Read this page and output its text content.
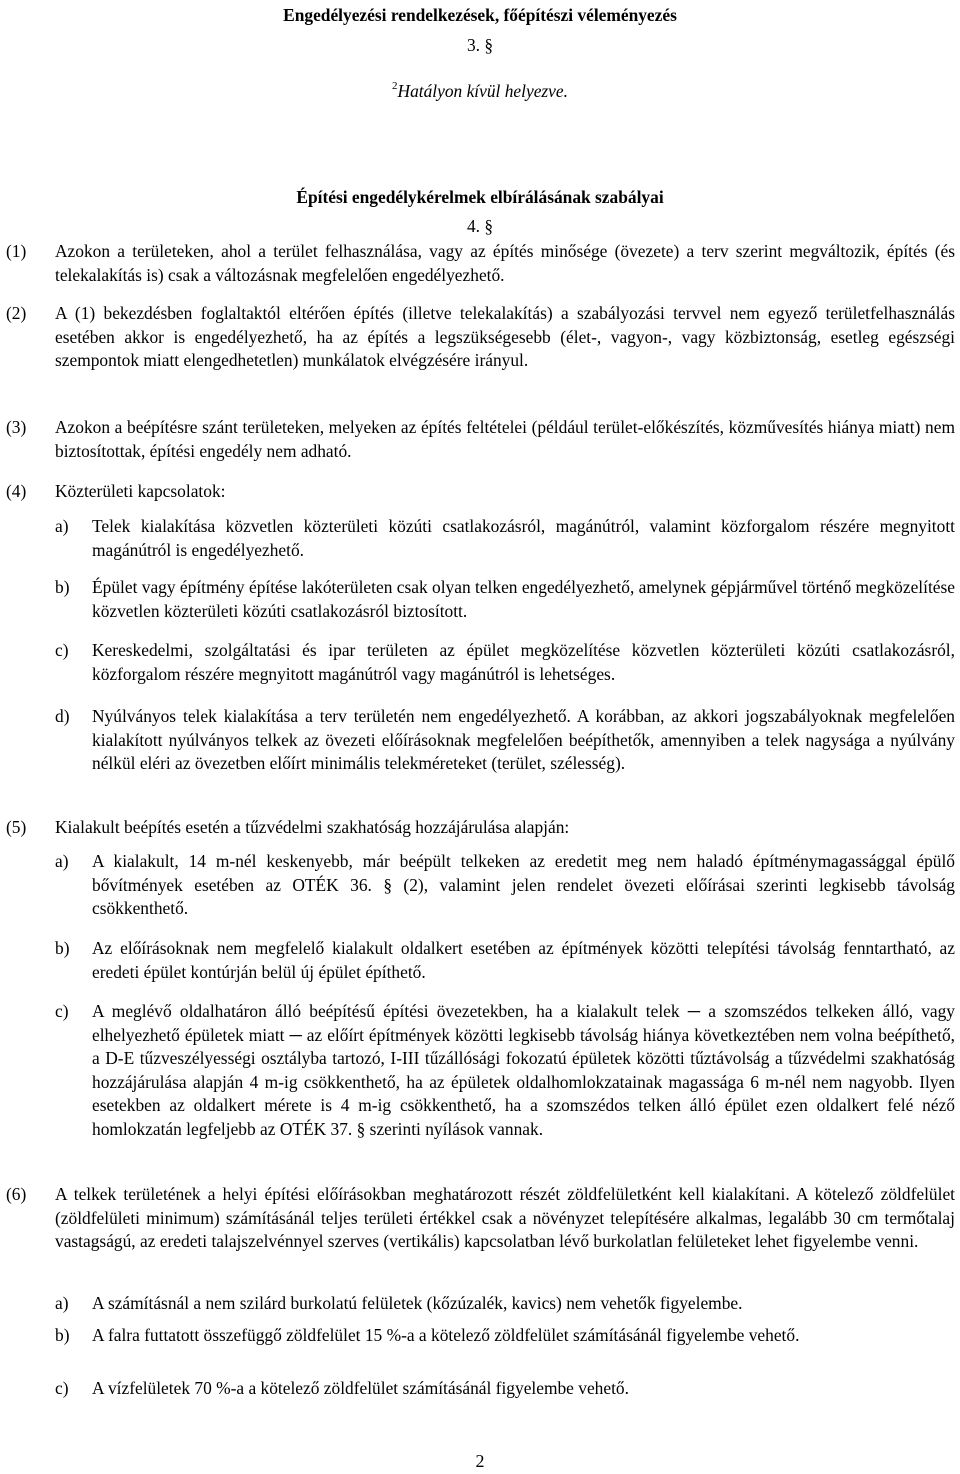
Engedélyezési rendelkezések, főépítészi véleményezés
3. §
$^2$Hatályon kívül helyezve.
Építési engedélykérelmek elbírálásának szabályai
4. §
(1) Azokon a területeken, ahol a terület felhasználása, vagy az építés minősége (övezete) a terv szerint megváltozik, építés (és telekalakítás is) csak a változásnak megfelelően engedélyezhető.
(2) A (1) bekezdésben foglaltaktól eltérően építés (illetve telekalakítás) a szabályozási tervvel nem egyező területfelhasználás esetében akkor is engedélyezhető, ha az építés a legszükségesebb (élet-, vagyon-, vagy közbiztonság, esetleg egészségi szempontok miatt elengedhetetlen) munkálatok elvégzésére irányul.
(3) Azokon a beépítésre szánt területeken, melyeken az építés feltételei (például terület-előkészítés, közművesítés hiánya miatt) nem biztosítottak, építési engedély nem adható.
(4) Közterületi kapcsolatok:
a) Telek kialakítása közvetlen közterületi közúti csatlakozásról, magánútról, valamint közforgalom részére megnyitott magánútról is engedélyezhető.
b) Épület vagy építmény építése lakóterületen csak olyan telken engedélyezhető, amelynek gépjárművel történő megközelítése közvetlen közterületi közúti csatlakozásról biztosított.
c) Kereskedelmi, szolgáltatási és ipar területen az épület megközelítése közvetlen közterületi közúti csatlakozásról, közforgalom részére megnyitott magánútról vagy magánútról is lehetséges.
d) Nyúlványos telek kialakítása a terv területén nem engedélyezhető. A korábban, az akkori jogszabályoknak megfelelően kialakított nyúlványos telkek az övezeti előírásoknak megfelelően beépíthetők, amennyiben a telek nagysága a nyúlvány nélkül eléri az övezetben előírt minimális telekméreteket (terület, szélesség).
(5) Kialakult beépítés esetén a tűzvédelmi szakhatóság hozzájárulása alapján:
a) A kialakult, 14 m-nél keskenyebb, már beépült telkeken az eredetit meg nem haladó építménymagassággal épülő bővítmények esetében az OTÉK 36. § (2), valamint jelen rendelet övezeti előírásai szerinti legkisebb távolság csökkenthető.
b) Az előírásoknak nem megfelelő kialakult oldalkert esetében az építmények közötti telepítési távolság fenntartható, az eredeti épület kontúrján belül új épület építhető.
c) A meglévő oldalhatáron álló beépítésű építési övezetekben, ha a kialakult telek ─ a szomszédos telkeken álló, vagy elhelyezhető épületek miatt ─ az előírt építmények közötti legkisebb távolság hiánya következtében nem volna beépíthető, a D-E tűzveszélyességi osztályba tartozó, I-III tűzállósági fokozatú épületek közötti tűztávolság a tűzvédelmi szakhatóság hozzájárulása alapján 4 m-ig csökkenthető, ha az épületek oldalhomlokzatainak magassága 6 m-nél nem nagyobb. Ilyen esetekben az oldalkert mérete is 4 m-ig csökkenthető, ha a szomszédos telken álló épület ezen oldalkert felé néző homlokzatán legfeljebb az OTÉK 37. § szerinti nyílások vannak.
(6) A telkek területének a helyi építési előírásokban meghatározott részét zöldfelületként kell kialakítani. A kötelező zöldfelület (zöldfelületi minimum) számításánál teljes területi értékkel csak a növényzet telepítésére alkalmas, legalább 30 cm termőtalaj vastagságú, az eredeti talajszelvénnyel szerves (vertikális) kapcsolatban lévő burkolatlan felületeket lehet figyelembe venni.
a) A számításnál a nem szilárd burkolatú felületek (kőzúzalék, kavics) nem vehetők figyelembe.
b) A falra futtatott összefüggő zöldfelület 15 %-a a kötelező zöldfelület számításánál figyelembe vehető.
c) A vízfelületek 70 %-a a kötelező zöldfelület számításánál figyelembe vehető.
2
